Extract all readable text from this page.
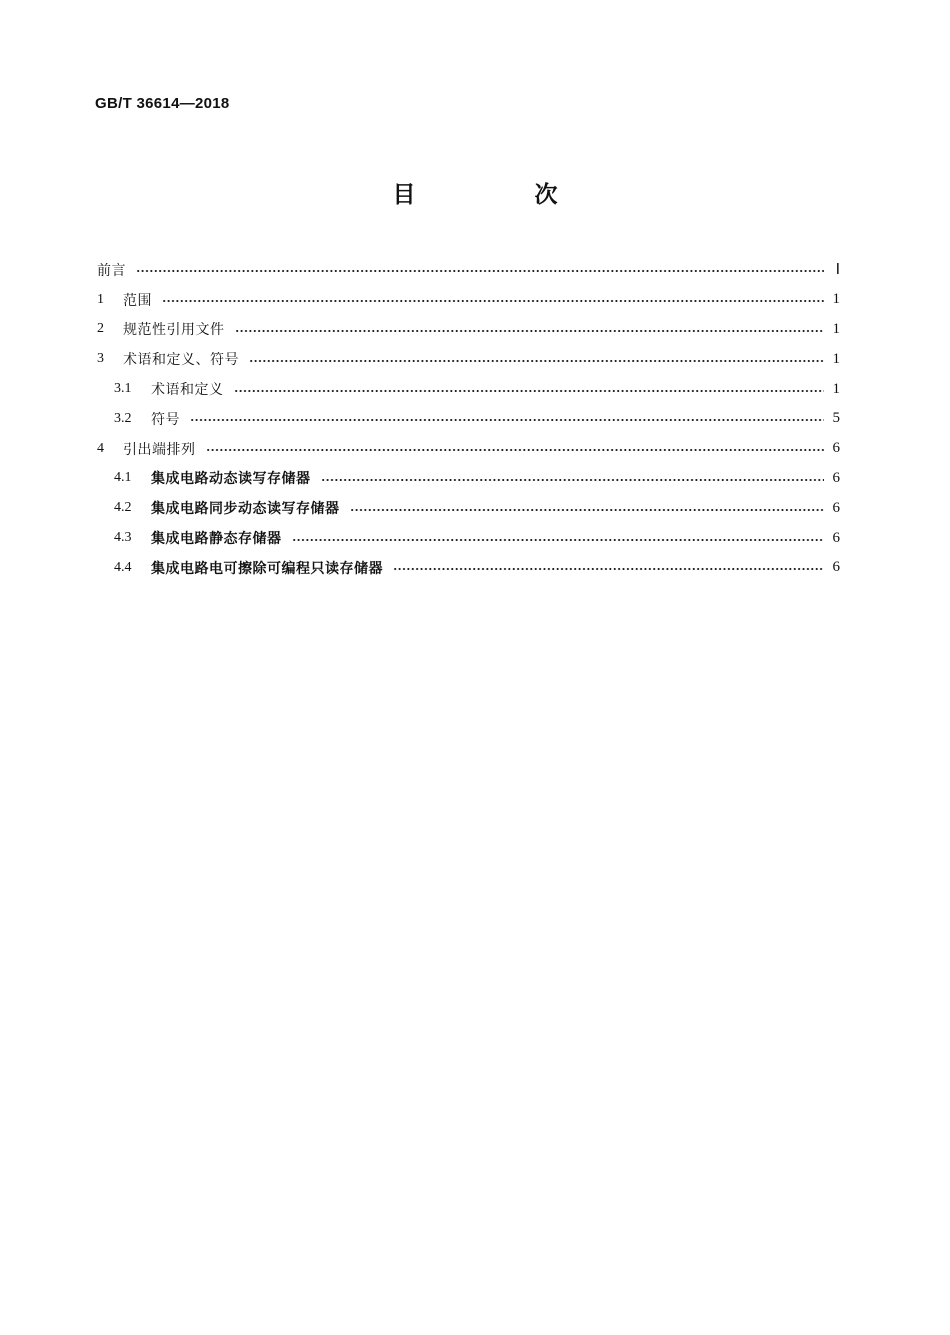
GB/T 36614—2018
目　次
前言	Ⅰ
1	范围	1
2	规范性引用文件	1
3	术语和定义、符号	1
3.1	术语和定义	1
3.2	符号	5
4	引出端排列	6
4.1	集成电路动态读写存储器	6
4.2	集成电路同步动态读写存储器	6
4.3	集成电路静态存储器	6
4.4	集成电路电可擦除可编程只读存储器	6
